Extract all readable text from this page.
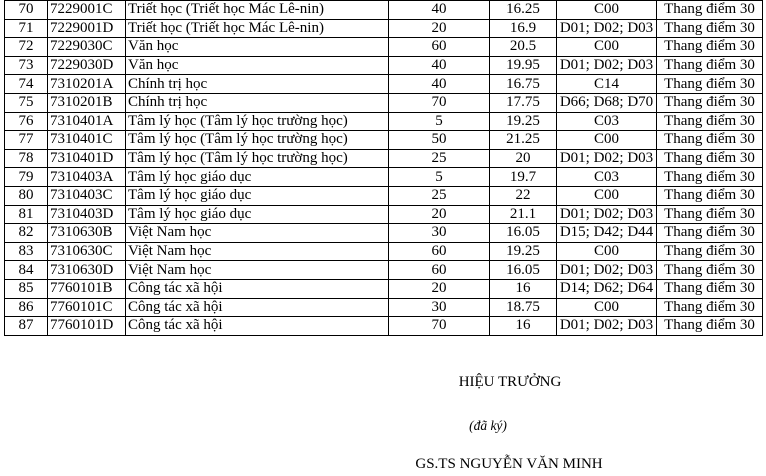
70	7229001C	Triết học (Triết học Mác Lê-nin)	40	16.25	C00	Thang điểm 30
71	7229001D	Triết học (Triết học Mác Lê-nin)	20	16.9	D01; D02; D03	Thang điểm 30
72	7229030C	Văn học	60	20.5	C00	Thang điểm 30
73	7229030D	Văn học	40	19.95	D01; D02; D03	Thang điểm 30
74	7310201A	Chính trị học	40	16.75	C14	Thang điểm 30
75	7310201B	Chính trị học	70	17.75	D66; D68; D70	Thang điểm 30
76	7310401A	Tâm lý học (Tâm lý học trường học)	5	19.25	C03	Thang điểm 30
77	7310401C	Tâm lý học (Tâm lý học trường học)	50	21.25	C00	Thang điểm 30
78	7310401D	Tâm lý học (Tâm lý học trường học)	25	20	D01; D02; D03	Thang điểm 30
79	7310403A	Tâm lý học giáo dục	5	19.7	C03	Thang điểm 30
80	7310403C	Tâm lý học giáo dục	25	22	C00	Thang điểm 30
81	7310403D	Tâm lý học giáo dục	20	21.1	D01; D02; D03	Thang điểm 30
82	7310630B	Việt Nam học	30	16.05	D15; D42; D44	Thang điểm 30
83	7310630C	Việt Nam học	60	19.25	C00	Thang điểm 30
84	7310630D	Việt Nam học	60	16.05	D01; D02; D03	Thang điểm 30
85	7760101B	Công tác xã hội	20	16	D14; D62; D64	Thang điểm 30
86	7760101C	Công tác xã hội	30	18.75	C00	Thang điểm 30
87	7760101D	Công tác xã hội	70	16	D01; D02; D03	Thang điểm 30
HIỆU TRƯỞNG
(đã ký)
GS.TS NGUYỄN VĂN MINH
